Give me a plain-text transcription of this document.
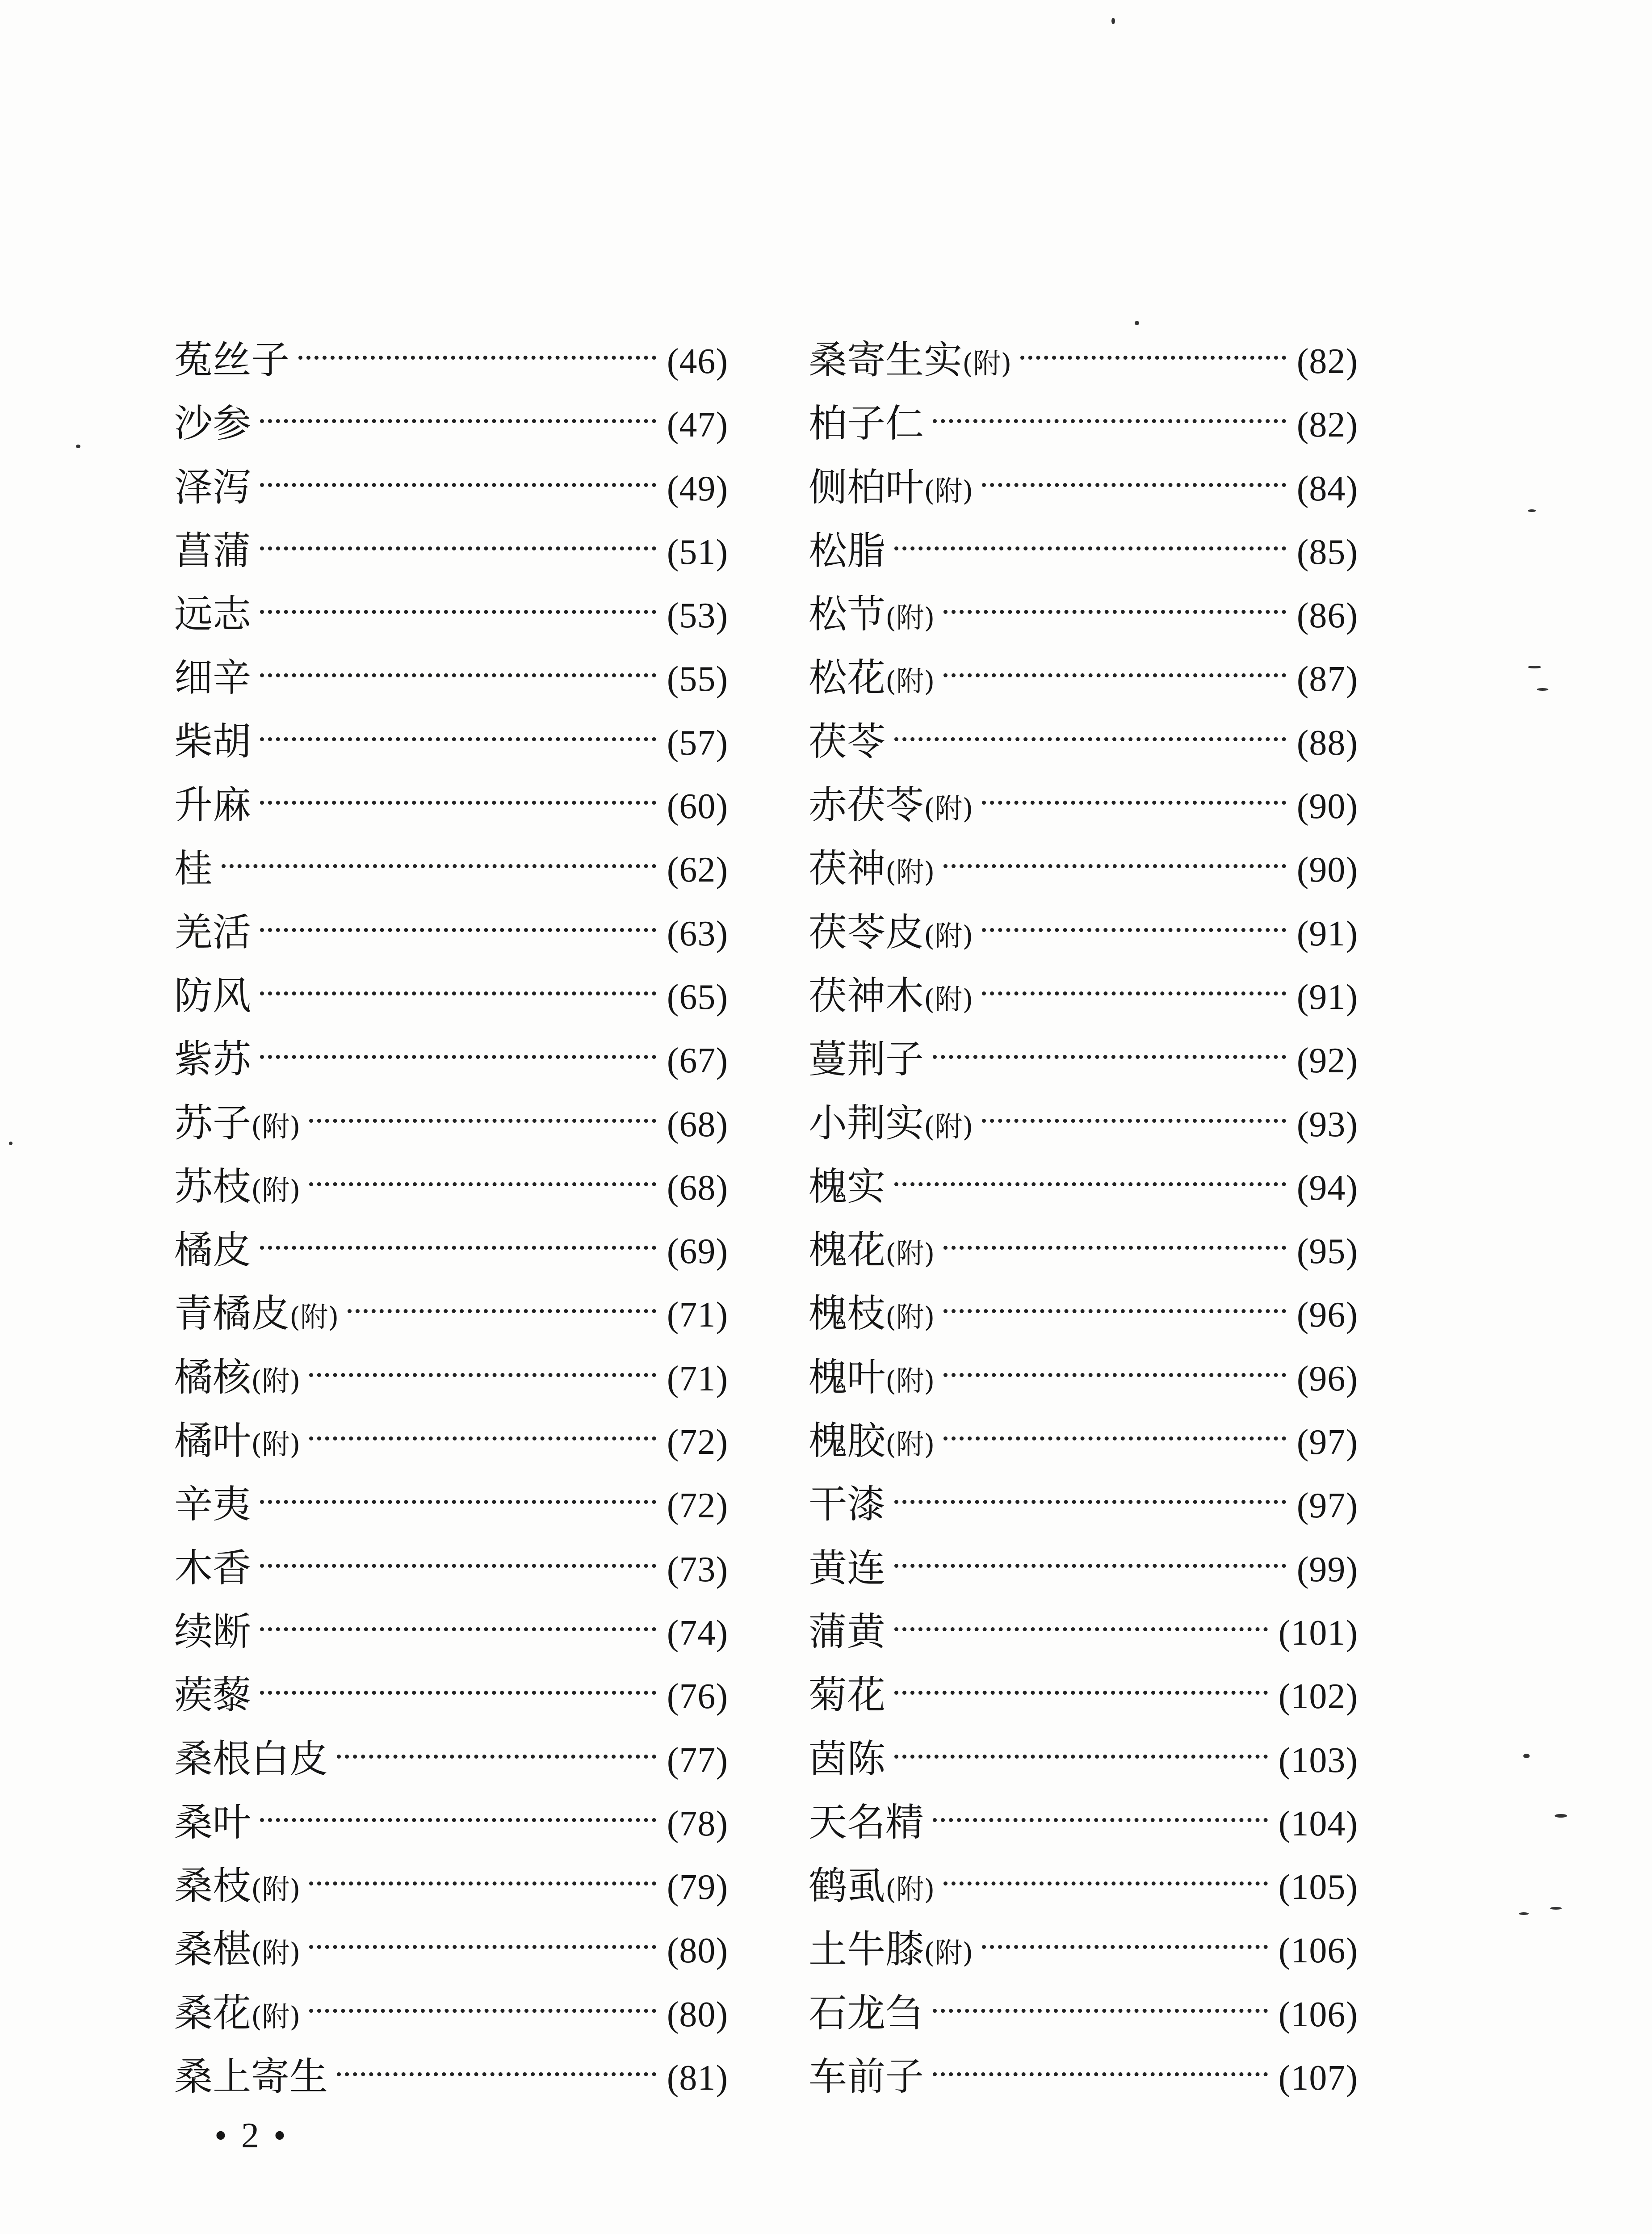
菟丝子	(46)
沙参	(47)
泽泻	(49)
菖蒲	(51)
远志	(53)
细辛	(55)
柴胡	(57)
升麻	(60)
桂	(62)
羌活	(63)
防风	(65)
紫苏	(67)
苏子(附)	(68)
苏枝(附)	(68)
橘皮	(69)
青橘皮(附)	(71)
橘核(附)	(71)
橘叶(附)	(72)
辛夷	(72)
木香	(73)
续断	(74)
蒺藜	(76)
桑根白皮	(77)
桑叶	(78)
桑枝(附)	(79)
桑椹(附)	(80)
桑花(附)	(80)
桑上寄生	(81)
桑寄生实(附)	(82)
柏子仁	(82)
侧柏叶(附)	(84)
松脂	(85)
松节(附)	(86)
松花(附)	(87)
茯苓	(88)
赤茯苓(附)	(90)
茯神(附)	(90)
茯苓皮(附)	(91)
茯神木(附)	(91)
蔓荆子	(92)
小荆实(附)	(93)
槐实	(94)
槐花(附)	(95)
槐枝(附)	(96)
槐叶(附)	(96)
槐胶(附)	(97)
干漆	(97)
黄连	(99)
蒲黄	(101)
菊花	(102)
茵陈	(103)
天名精	(104)
鹤虱(附)	(105)
土牛膝(附)	(106)
石龙刍	(106)
车前子	(107)
• 2 •
